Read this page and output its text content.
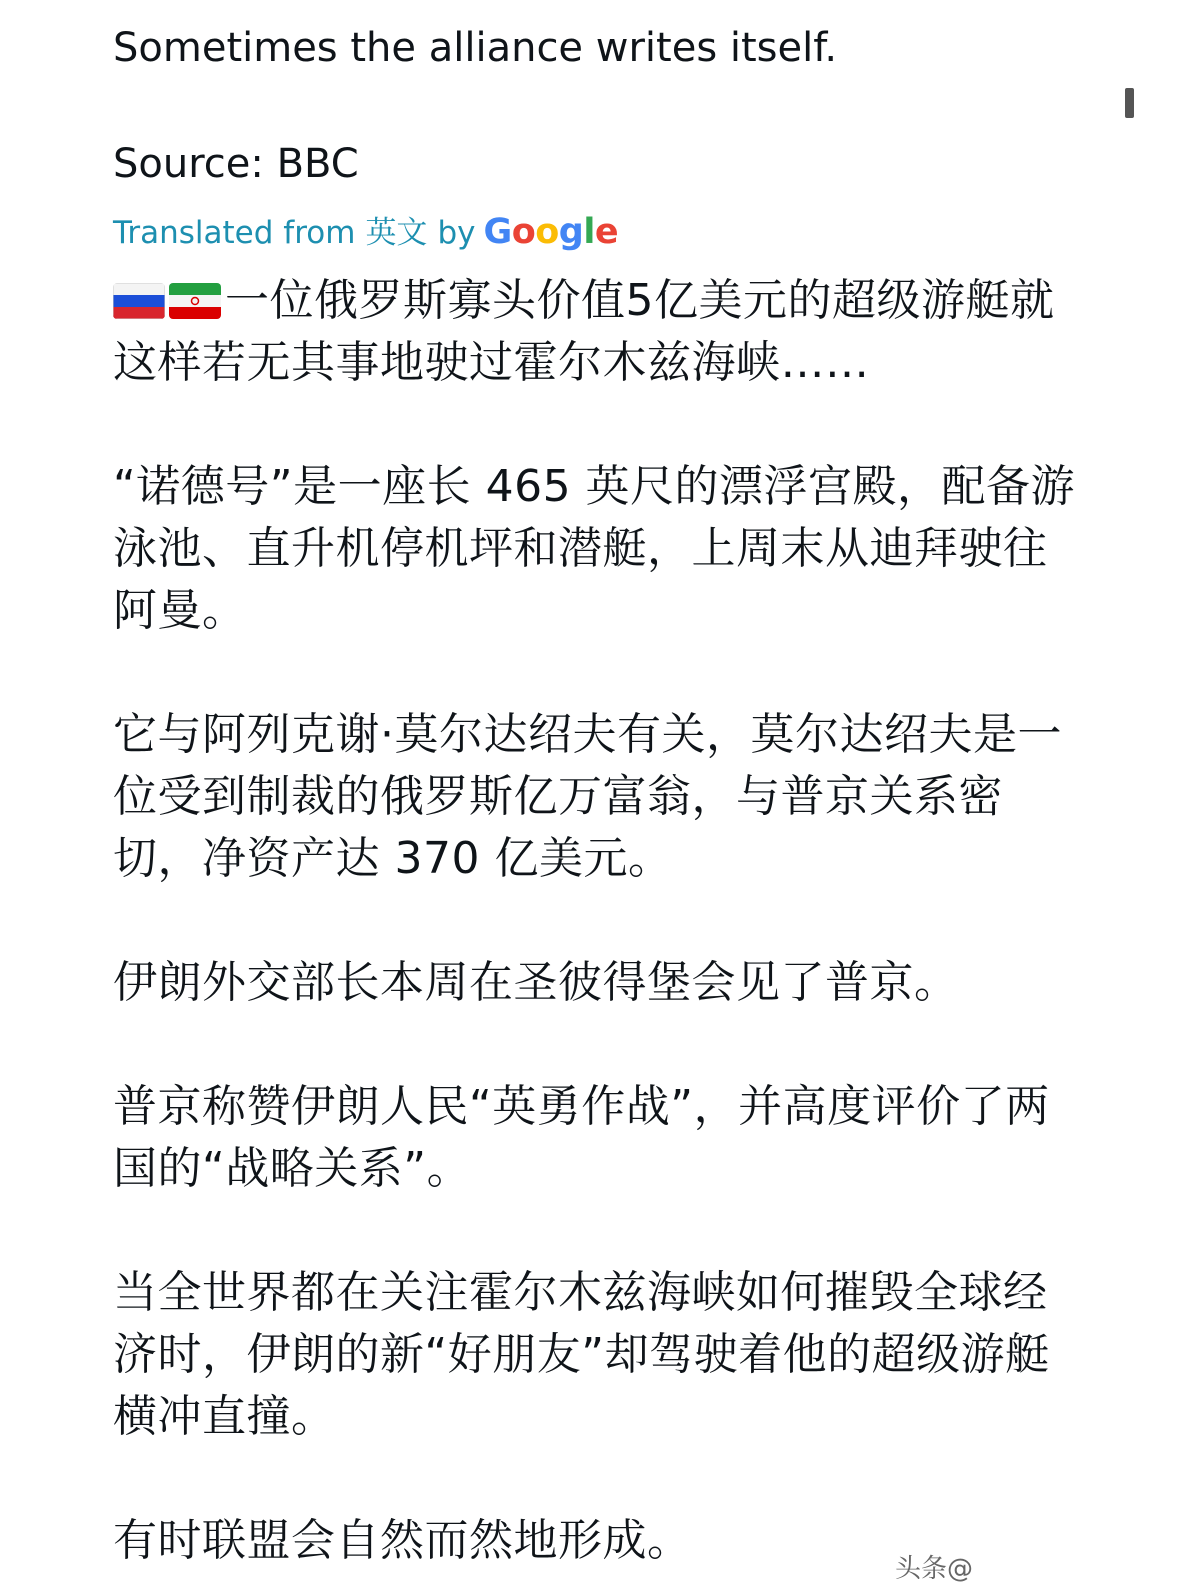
Sometimes the alliance writes itself.

Source: BBC

Translated from 英文 by Google

一位俄罗斯寡头价值5亿美元的超级游艇就这样若无其事地驶过霍尔木兹海峡……

“诺德号”是一座长 465 英尺的漂浮宫殿，配备游泳池、直升机停机坪和潜艇，上周末从迪拜驶往阿曼。

它与阿列克谢·莫尔达绍夫有关，莫尔达绍夫是一位受到制裁的俄罗斯亿万富翁，与普京关系密切，净资产达 370 亿美元。

伊朗外交部长本周在圣彼得堡会见了普京。

普京称赞伊朗人民“英勇作战”，并高度评价了两国的“战略关系”。

当全世界都在关注霍尔木兹海峡如何摧毁全球经济时，伊朗的新“好朋友”却驾驶着他的超级游艇横冲直撞。

有时联盟会自然而然地形成。

头条@
